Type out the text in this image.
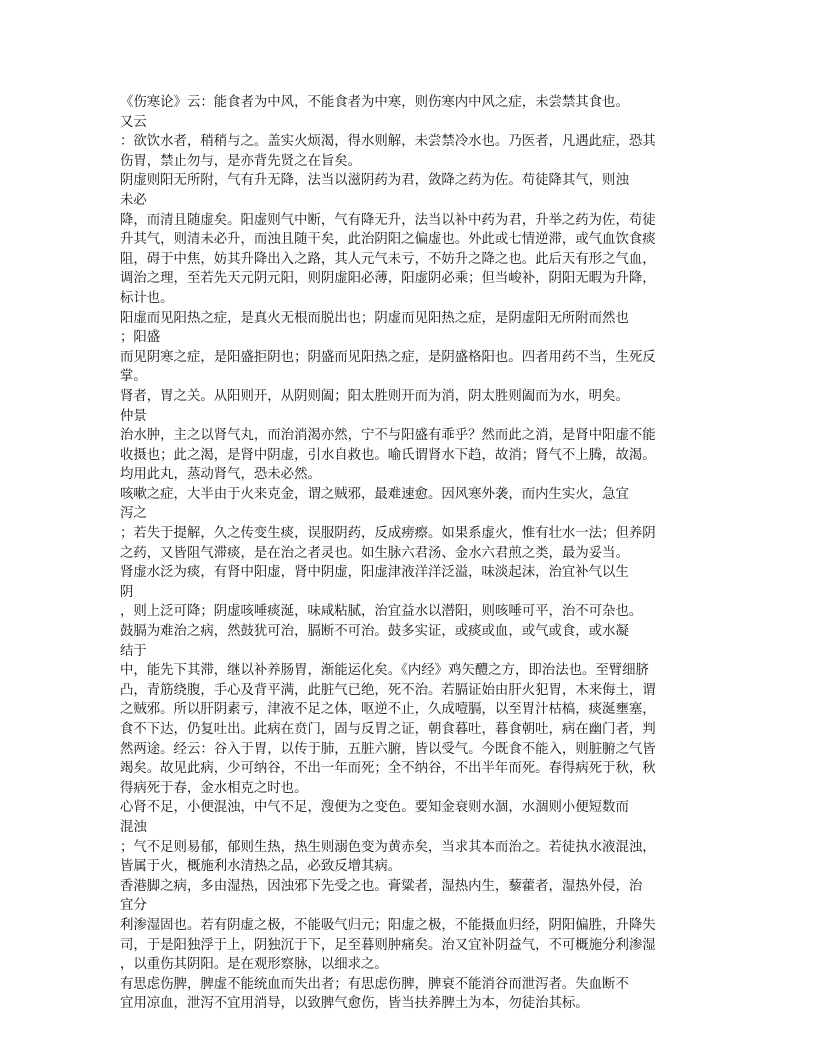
《伤寒论》云：能食者为中风，不能食者为中寒，则伤寒内中风之症，未尝禁其食也。
又云
：欲饮水者，稍稍与之。盖实火烦渴，得水则解，未尝禁冷水也。乃医者，凡遇此症，恐其
伤胃，禁止勿与，是亦背先贤之在旨矣。
阴虚则阳无所附，气有升无降，法当以滋阴药为君，敛降之药为佐。苟徒降其气，则浊
未必
降，而清且随虚矣。阳虚则气中断，气有降无升，法当以补中药为君，升举之药为佐，苟徒
升其气，则清未必升，而浊且随干矣，此治阴阳之偏虚也。外此或七情逆滞，或气血饮食痰
阻，碍于中焦，妨其升降出入之路，其人元气未亏，不妨升之降之也。此后天有形之气血，
调治之理，至若先天元阴元阳，则阴虚阳必薄，阳虚阴必乘；但当峻补，阴阳无暇为升降，
标计也。
阳虚而见阳热之症，是真火无根而脱出也；阴虚而见阳热之症，是阴虚阳无所附而然也
；阳盛
而见阴寒之症，是阳盛拒阴也；阴盛而见阳热之症，是阴盛格阳也。四者用药不当，生死反
掌。
肾者，胃之关。从阳则开，从阴则阖；阳太胜则开而为消，阴太胜则阖而为水，明矣。
仲景
治水肿，主之以肾气丸，而治消渴亦然，宁不与阳盛有乖乎？然而此之消，是肾中阳虚不能
收摄也；此之渴，是肾中阴虚，引水自救也。喻氏谓肾水下趋，故消；肾气不上腾，故渴。
均用此丸，蒸动肾气，恐未必然。
咳嗽之症，大半由于火来克金，谓之贼邪，最难速愈。因风寒外袭，而内生实火，急宜
泻之
；若失于提解，久之传变生痰，误服阴药，反成痨瘵。如果系虚火，惟有壮水一法；但养阴
之药，又皆阻气滞痰，是在治之者灵也。如生脉六君汤、金水六君煎之类，最为妥当。
肾虚水泛为痰，有肾中阳虚，肾中阴虚，阳虚津液洋洋泛溢，味淡起沫，治宜补气以生
阴
，则上泛可降；阴虚咳唾痰涎，味咸粘腻，治宜益水以潜阳，则咳唾可平，治不可杂也。
鼓膈为难治之病，然鼓犹可治，膈断不可治。鼓多实证，或痰或血，或气或食，或水凝
结于
中，能先下其滞，继以补养肠胃，渐能运化矣。《内经》鸡矢醴之方，即治法也。至臂细脐
凸，青筋绕腹，手心及背平满，此脏气已绝，死不治。若膈证始由肝火犯胃，木来侮土，谓
之贼邪。所以肝阴素亏，津液不足之体，呕逆不止，久成噎膈，以至胃汁枯槁，痰涎壅塞，
食不下达，仍复吐出。此病在贲门，固与反胃之证，朝食暮吐，暮食朝吐，病在幽门者，判
然两途。经云：谷入于胃，以传于肺，五脏六腑，皆以受气。今既食不能入，则脏腑之气皆
竭矣。故见此病，少可纳谷，不出一年而死；全不纳谷，不出半年而死。春得病死于秋，秋
得病死于春，金水相克之时也。
心肾不足，小便混浊，中气不足，溲便为之变色。要知金衰则水涸，水涸则小便短数而
混浊
；气不足则易郁，郁则生热，热生则溺色变为黄赤矣，当求其本而治之。若徒执水液混浊，
皆属于火，概施利水清热之品，必致反增其病。
香港脚之病，多由湿热，因浊邪下先受之也。膏粱者，湿热内生，藜藿者，湿热外侵，治
宜分
利渗湿固也。若有阴虚之极，不能吸气归元；阳虚之极，不能摄血归经，阴阳偏胜，升降失
司，于是阳独浮于上，阴独沉于下，足至暮则肿痛矣。治又宜补阴益气，不可概施分利渗湿
，以重伤其阴阳。是在观形察脉，以细求之。
有思虑伤脾，脾虚不能统血而失出者；有思虑伤脾，脾衰不能消谷而泄泻者。失血断不
宜用凉血，泄泻不宜用消导，以致脾气愈伤，皆当扶养脾土为本，勿徒治其标。
